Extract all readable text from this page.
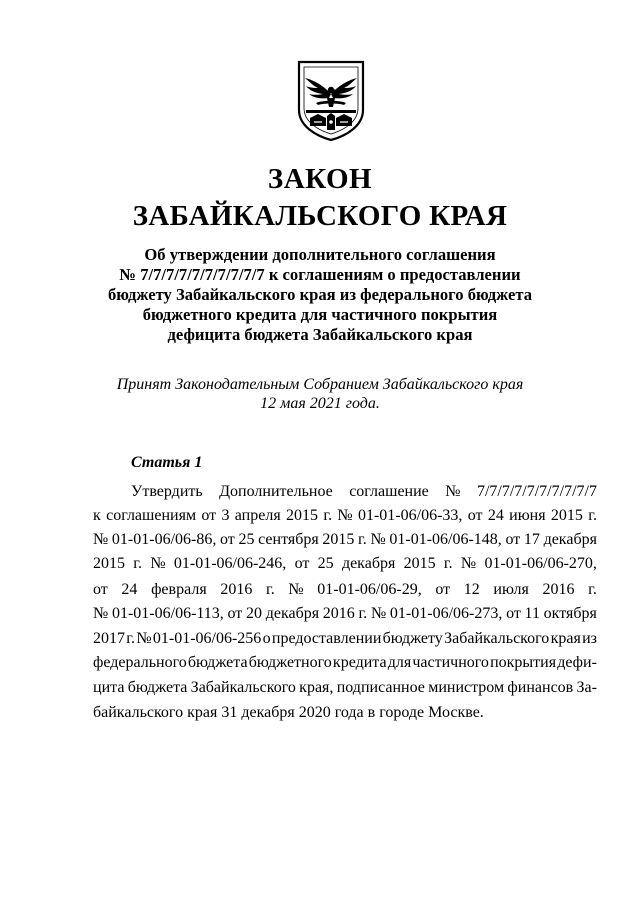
ЗАКОН
ЗАБАЙКАЛЬСКОГО КРАЯ
Об утверждении дополнительного соглашения
№ 7/7/7/7/7/7/7/7/7/7 к соглашениям о предоставлении
бюджету Забайкальского края из федерального бюджета
бюджетного кредита для частичного покрытия
дефицита бюджета Забайкальского края
Принят Законодательным Собранием Забайкальского края
12 мая 2021 года.
Статья 1
Утвердить Дополнительное соглашение № 7/7/7/7/7/7/7/7/7/7
к соглашениям от 3 апреля 2015 г. № 01-01-06/06-33, от 24 июня 2015 г.
№ 01-01-06/06-86, от 25 сентября 2015 г. № 01-01-06/06-148, от 17 декабря
2015 г. № 01-01-06/06-246, от 25 декабря 2015 г. № 01-01-06/06-270,
от 24 февраля 2016 г. № 01-01-06/06-29, от 12 июля 2016 г.
№ 01-01-06/06-113, от 20 декабря 2016 г. № 01-01-06/06-273, от 11 октября
2017 г. № 01-01-06/06-256 о предоставлении бюджету Забайкальского края из
федерального бюджета бюджетного кредита для частичного покрытия дефи-
цита бюджета Забайкальского края, подписанное министром финансов За-
байкальского края 31 декабря 2020 года в городе Москве.
